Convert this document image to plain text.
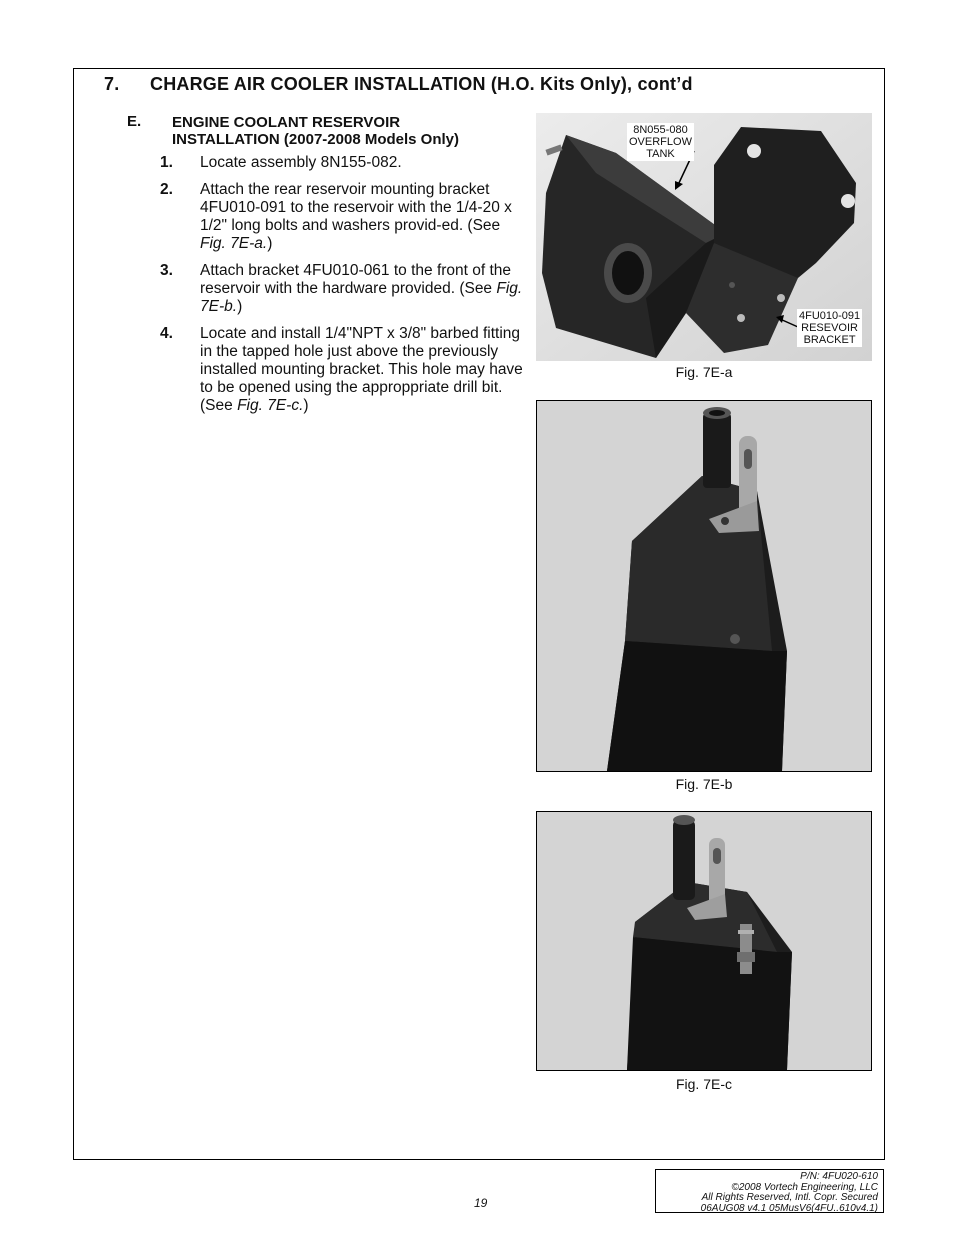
7. CHARGE AIR COOLER INSTALLATION (H.O. Kits Only), cont’d
E. ENGINE COOLANT RESERVOIR
INSTALLATION (2007-2008 Models Only)
1. Locate assembly 8N155-082.
2. Attach the rear reservoir mounting bracket 4FU010-091 to the reservoir with the 1/4-20 x 1/2" long bolts and washers provid-ed. (See Fig. 7E-a.)
3. Attach bracket 4FU010-061 to the front of the reservoir with the hardware provided. (See Fig. 7E-b.)
4. Locate and install 1/4"NPT x 3/8" barbed fitting in the tapped hole just above the previously installed mounting bracket. This hole may have to be opened using the approppriate drill bit. (See Fig. 7E-c.)
8N055-080
OVERFLOW
TANK
4FU010-091
RESEVOIR
BRACKET
Fig. 7E-a
Fig. 7E-b
Fig. 7E-c
19
P/N: 4FU020-610
©2008 Vortech Engineering, LLC
All Rights Reserved, Intl. Copr. Secured
06AUG08 v4.1 05MusV6(4FU..610v4.1)
